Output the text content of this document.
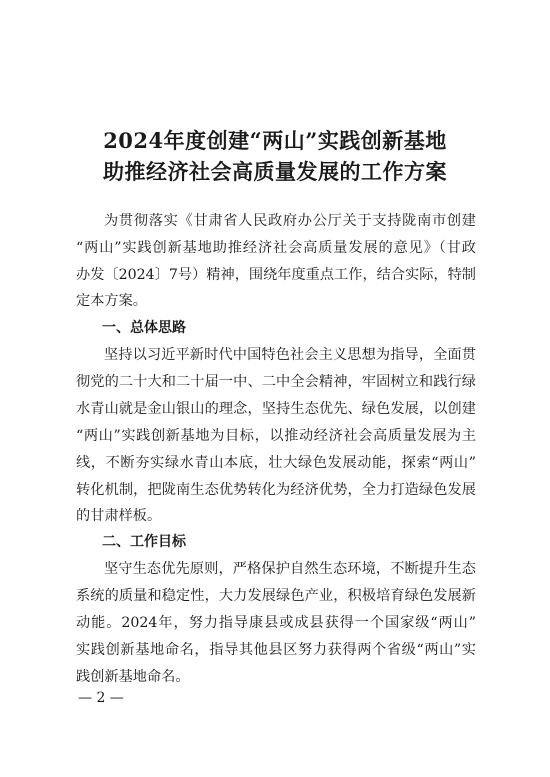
2024年度创建“两山”实践创新基地
助推经济社会高质量发展的工作方案
为贯彻落实《甘肃省人民政府办公厅关于支持陇南市创建
“两山”实践创新基地助推经济社会高质量发展的意见》（甘政
办发〔2024〕7号）精神，围绕年度重点工作，结合实际，特制
定本方案。
一、总体思路
坚持以习近平新时代中国特色社会主义思想为指导，全面贯
彻党的二十大和二十届一中、二中全会精神，牢固树立和践行绿
水青山就是金山银山的理念，坚持生态优先、绿色发展，以创建
“两山”实践创新基地为目标，以推动经济社会高质量发展为主
线，不断夯实绿水青山本底，壮大绿色发展动能，探索“两山”
转化机制，把陇南生态优势转化为经济优势，全力打造绿色发展
的甘肃样板。
二、工作目标
坚守生态优先原则，严格保护自然生态环境，不断提升生态
系统的质量和稳定性，大力发展绿色产业，积极培育绿色发展新
动能。2024年，努力指导康县或成县获得一个国家级“两山”
实践创新基地命名，指导其他县区努力获得两个省级“两山”实
践创新基地命名。
— 2 —
